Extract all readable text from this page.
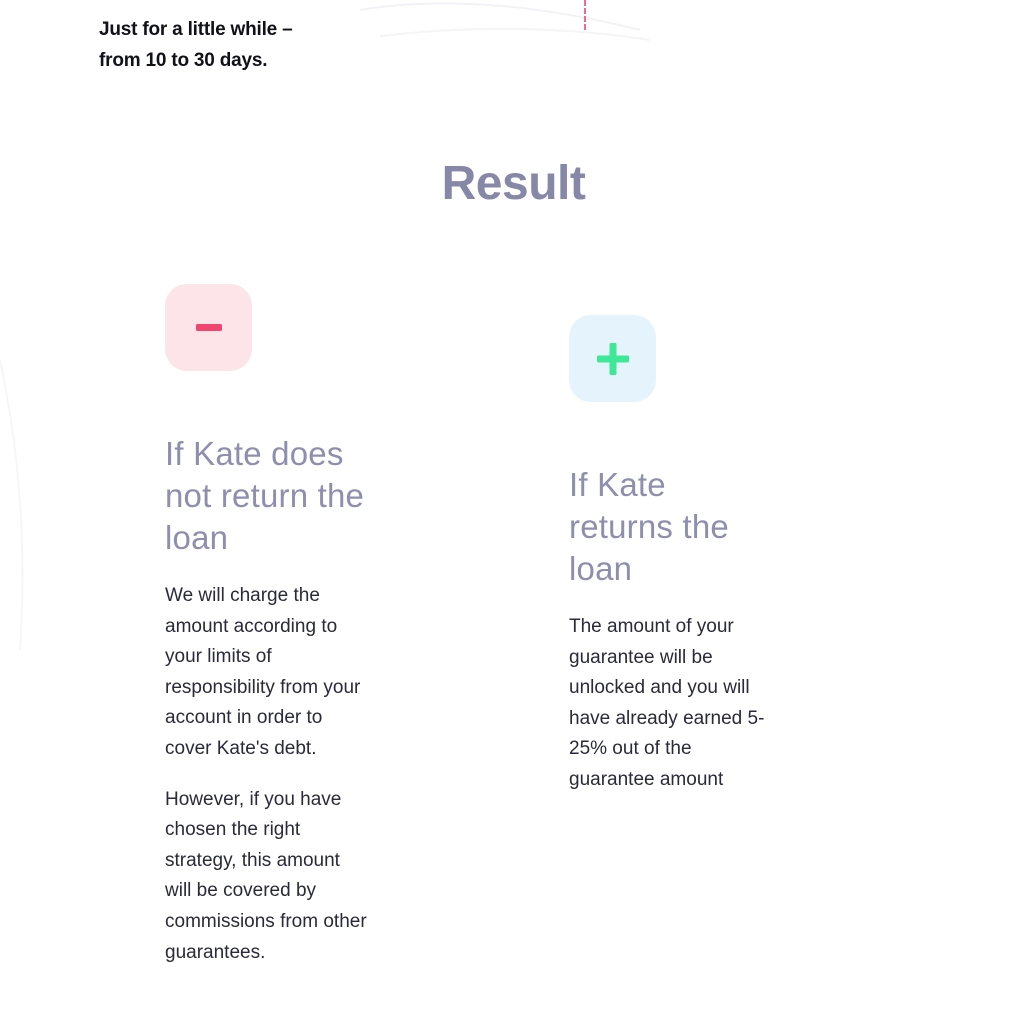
Just for a little while –
from 10 to 30 days.
Result
If Kate does
not return the
loan
We will charge the
amount according to
your limits of
responsibility from your
account in order to
cover Kate's debt.
However, if you have
chosen the right
strategy, this amount
will be covered by
commissions from other
guarantees.
If Kate
returns the
loan
The amount of your
guarantee will be
unlocked and you will
have already earned 5-
25% out of the
guarantee amount
